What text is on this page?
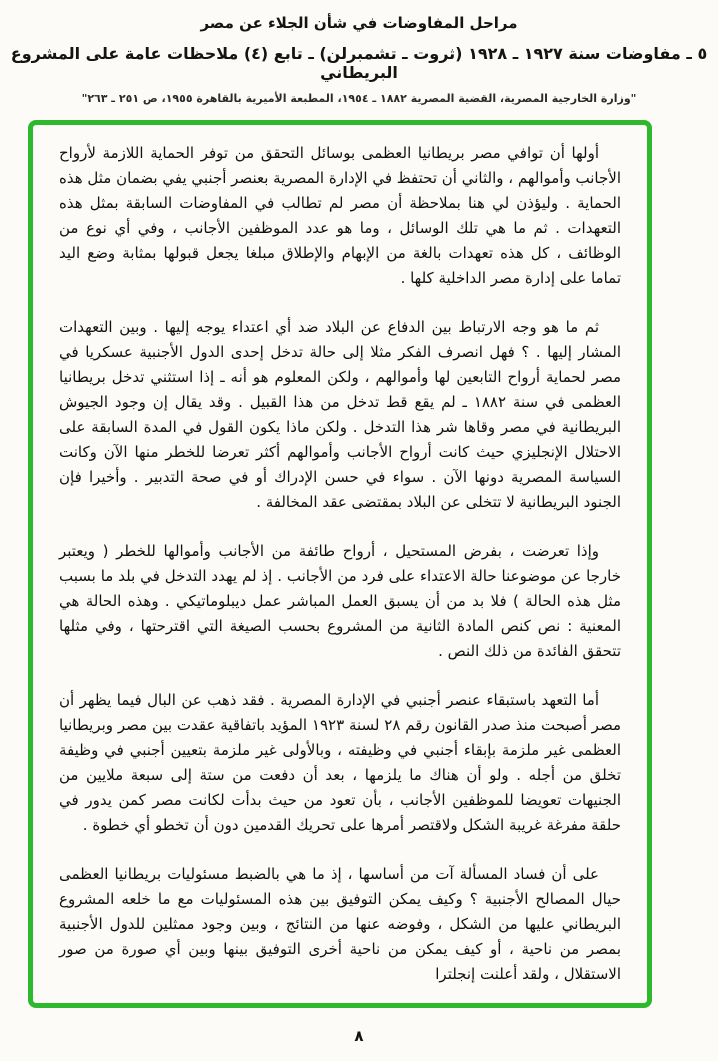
مراحل المفاوضات في شأن الجلاء عن مصر

٥ ـ مفاوضات سنة ١٩٢٧ ـ ١٩٢٨ (ثروت ـ تشمبرلن) ـ تابع (٤) ملاحظات عامة على المشروع البريطاني

"وزارة الخارجية المصرية، القضية المصرية ١٨٨٢ ـ ١٩٥٤، المطبعة الأميرية بالقاهرة ١٩٥٥، ص ٢٥١ ـ ٢٦٣"

أولها أن توافي مصر بريطانيا العظمى بوسائل التحقق من توفر الحماية اللازمة لأرواح الأجانب وأموالهم ، والثاني أن تحتفظ في الإدارة المصرية بعنصر أجنبي يفي بضمان مثل هذه الحماية . وليؤذن لي هنا بملاحظة أن مصر لم تطالب في المفاوضات السابقة بمثل هذه التعهدات . ثم ما هي تلك الوسائل ، وما هو عدد الموظفين الأجانب ، وفي أي نوع من الوظائف ، كل هذه تعهدات بالغة من الإبهام والإطلاق مبلغا يجعل قبولها بمثابة وضع اليد تماما على إدارة مصر الداخلية كلها .

ثم ما هو وجه الارتباط بين الدفاع عن البلاد ضد أي اعتداء يوجه إليها . وبين التعهدات المشار إليها . ؟ فهل انصرف الفكر مثلا إلى حالة تدخل إحدى الدول الأجنبية عسكريا في مصر لحماية أرواح التابعين لها وأموالهم ، ولكن المعلوم هو أنه ـ إذا استثني تدخل بريطانيا العظمى في سنة ١٨٨٢ ـ لم يقع قط تدخل من هذا القبيل . وقد يقال إن وجود الجيوش البريطانية في مصر وقاها شر هذا التدخل . ولكن ماذا يكون القول في المدة السابقة على الاحتلال الإنجليزي حيث كانت أرواح الأجانب وأموالهم أكثر تعرضا للخطر منها الآن وكانت السياسة المصرية دونها الآن . سواء في حسن الإدراك أو في صحة التدبير . وأخيرا فإن الجنود البريطانية لا تتخلى عن البلاد بمقتضى عقد المخالفة .

وإذا تعرضت ، بفرض المستحيل ، أرواح طائفة من الأجانب وأموالها للخطر ( ويعتبر خارجا عن موضوعنا حالة الاعتداء على فرد من الأجانب . إذ لم يهدد التدخل في بلد ما بسبب مثل هذه الحالة ) فلا بد من أن يسبق العمل المباشر عمل ديبلوماتيكي . وهذه الحالة هي المعنية : نص كنص المادة الثانية من المشروع بحسب الصيغة التي اقترحتها ، وفي مثلها تتحقق الفائدة من ذلك النص .

أما التعهد باستبقاء عنصر أجنبي في الإدارة المصرية . فقد ذهب عن البال فيما يظهر أن مصر أصبحت منذ صدر القانون رقم ٢٨ لسنة ١٩٢٣ المؤيد باتفاقية عقدت بين مصر وبريطانيا العظمى غير ملزمة بإبقاء أجنبي في وظيفته ، وبالأولى غير ملزمة بتعيين أجنبي في وظيفة تخلق من أجله . ولو أن هناك ما يلزمها ، بعد أن دفعت من ستة إلى سبعة ملايين من الجنيهات تعويضا للموظفين الأجانب ، بأن تعود من حيث بدأت لكانت مصر كمن يدور في حلقة مفرغة غريبة الشكل ولاقتصر أمرها على تحريك القدمين دون أن تخطو أي خطوة .

على أن فساد المسألة آت من أساسها ، إذ ما هي بالضبط مسئوليات بريطانيا العظمى حيال المصالح الأجنبية ؟ وكيف يمكن التوفيق بين هذه المسئوليات مع ما خلعه المشروع البريطاني عليها من الشكل ، وفوضه عنها من النتائج ، وبين وجود ممثلين للدول الأجنبية بمصر من ناحية ، أو كيف يمكن من ناحية أخرى التوفيق بينها وبين أي صورة من صور الاستقلال ، ولقد أعلنت إنجلترا

٨
